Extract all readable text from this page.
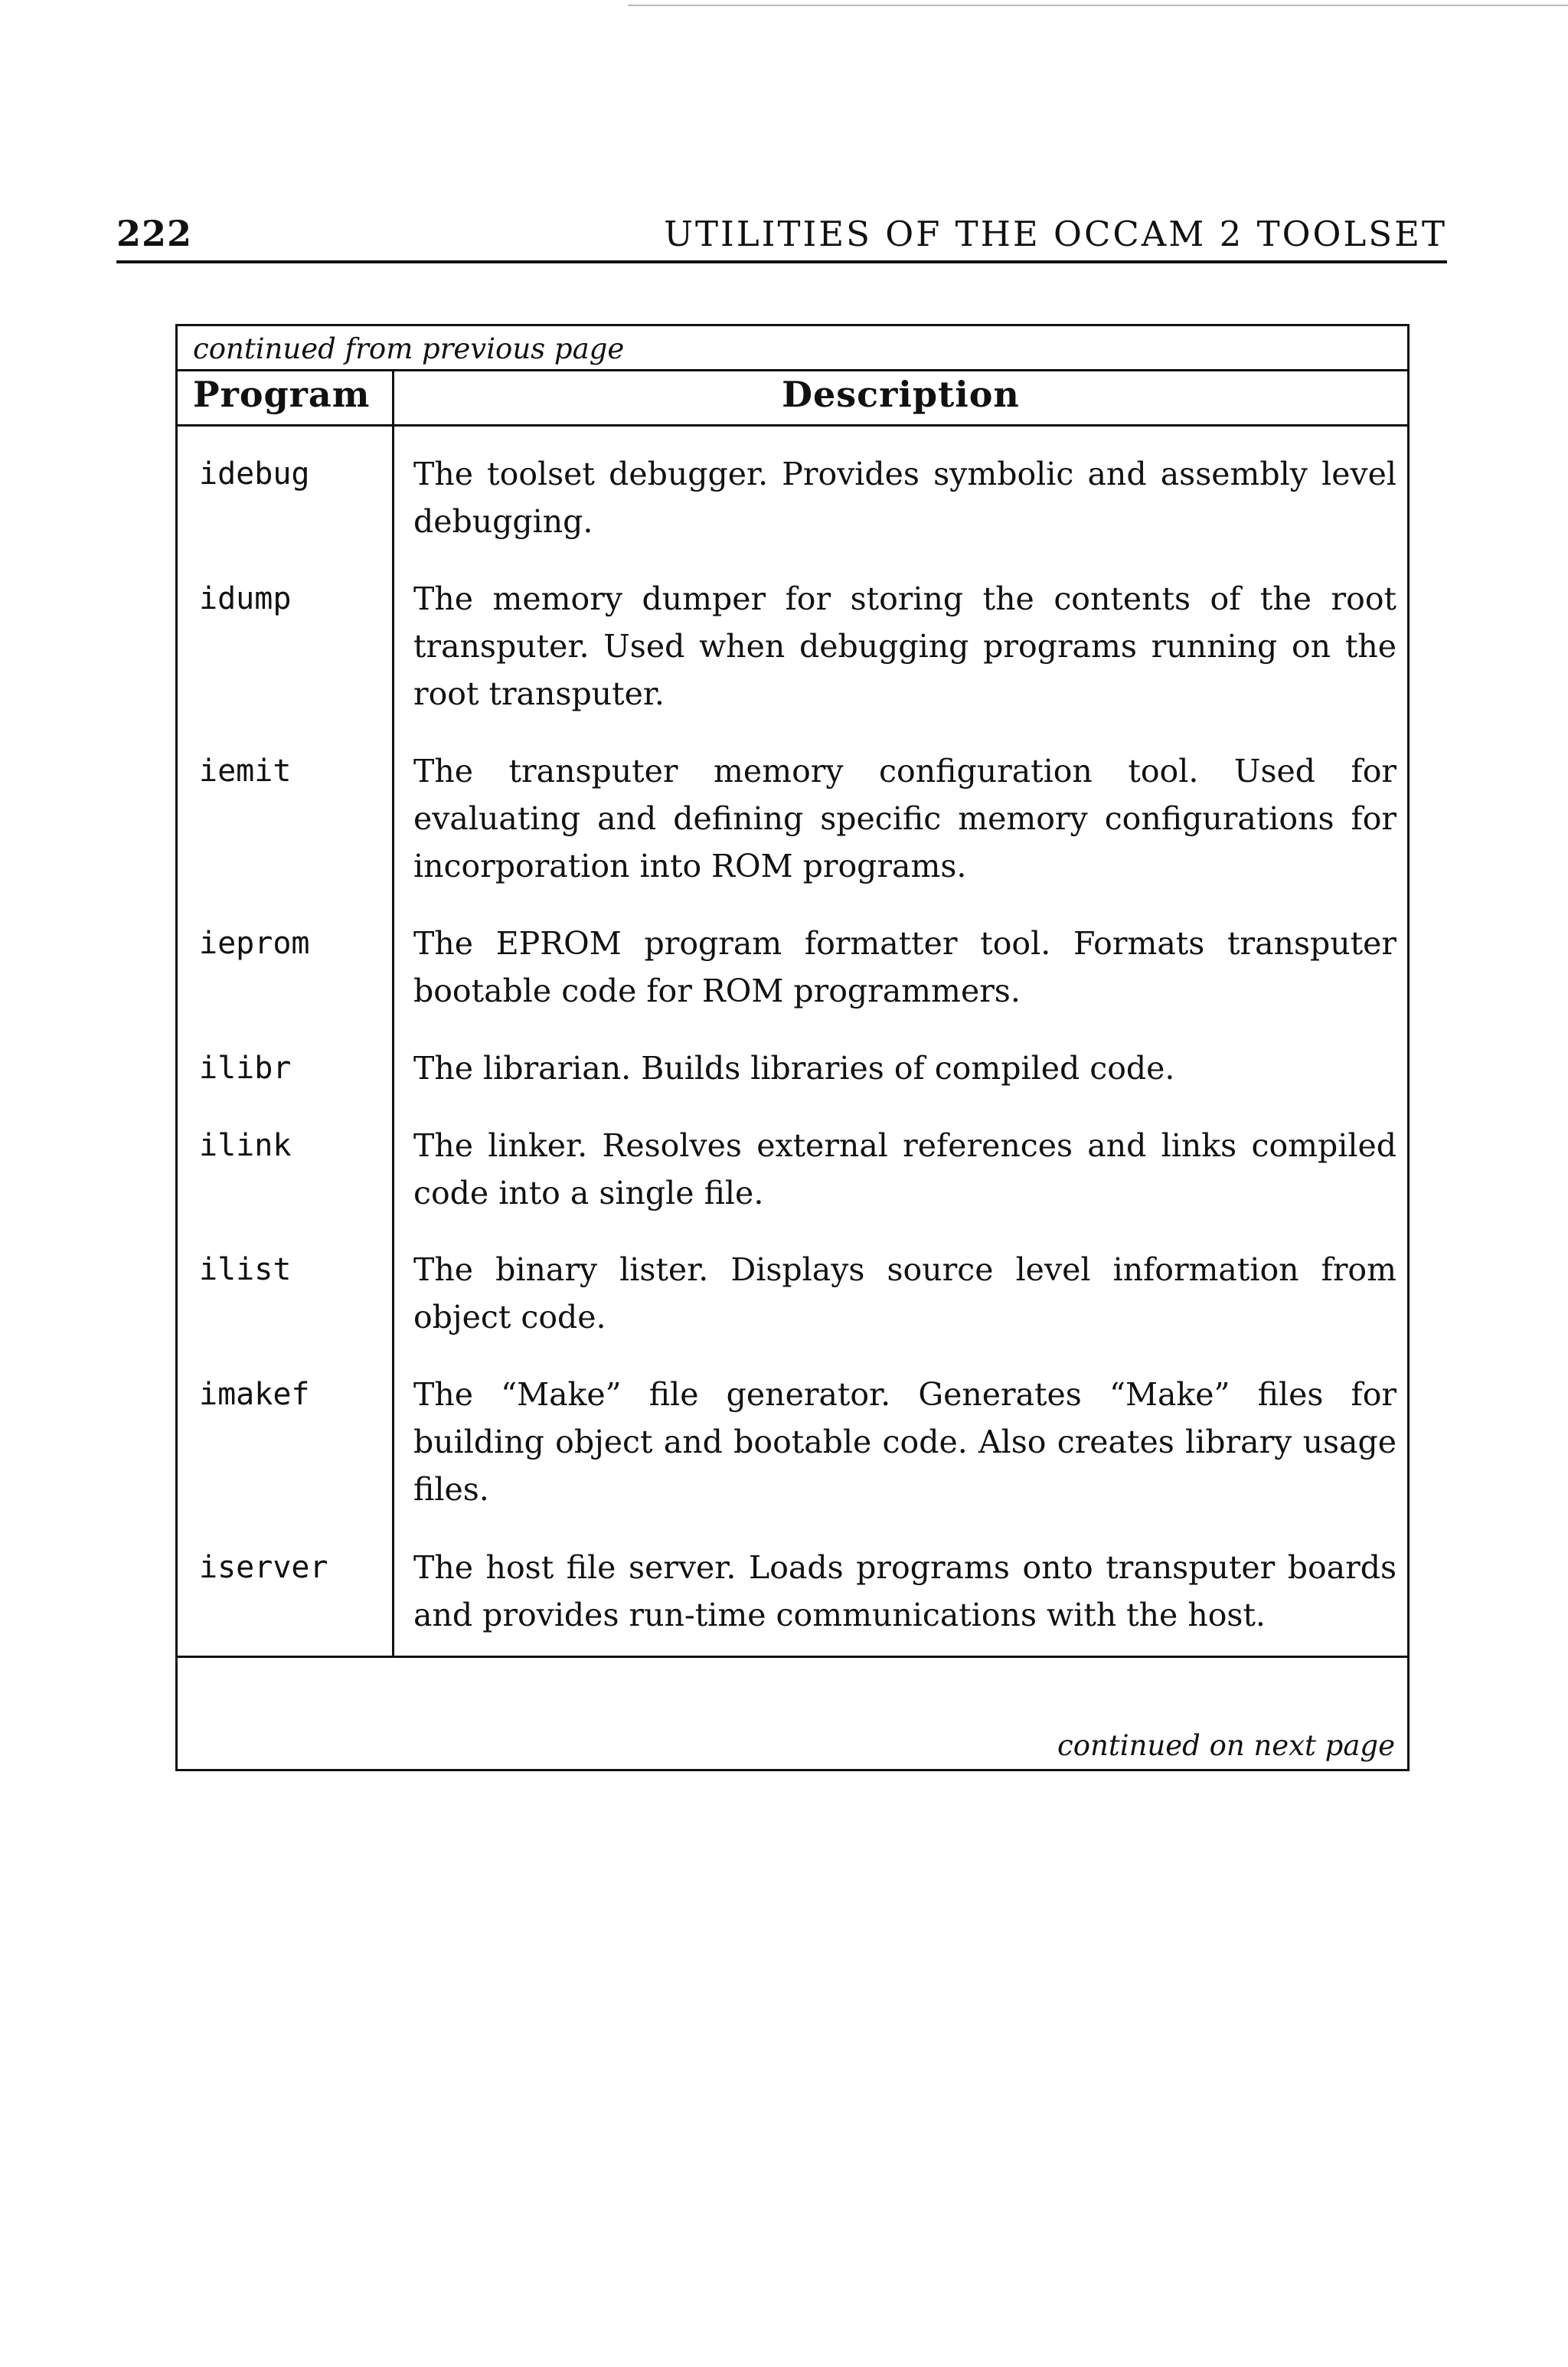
222	UTILITIES OF THE OCCAM 2 TOOLSET
continued from previous page
Program	Description
idebug	The toolset debugger. Provides symbolic and assembly level debugging.
idump	The memory dumper for storing the contents of the root transputer. Used when debugging programs running on the root transputer.
iemit	The transputer memory configuration tool. Used for evaluating and defining specific memory configurations for incorporation into ROM programs.
ieprom	The EPROM program formatter tool. Formats transputer bootable code for ROM programmers.
ilibr	The librarian. Builds libraries of compiled code.
ilink	The linker. Resolves external references and links compiled code into a single file.
ilist	The binary lister. Displays source level information from object code.
imakef	The “Make” file generator. Generates “Make” files for building object and bootable code. Also creates library usage files.
iserver	The host file server. Loads programs onto transputer boards and provides run-time communications with the host.
continued on next page
